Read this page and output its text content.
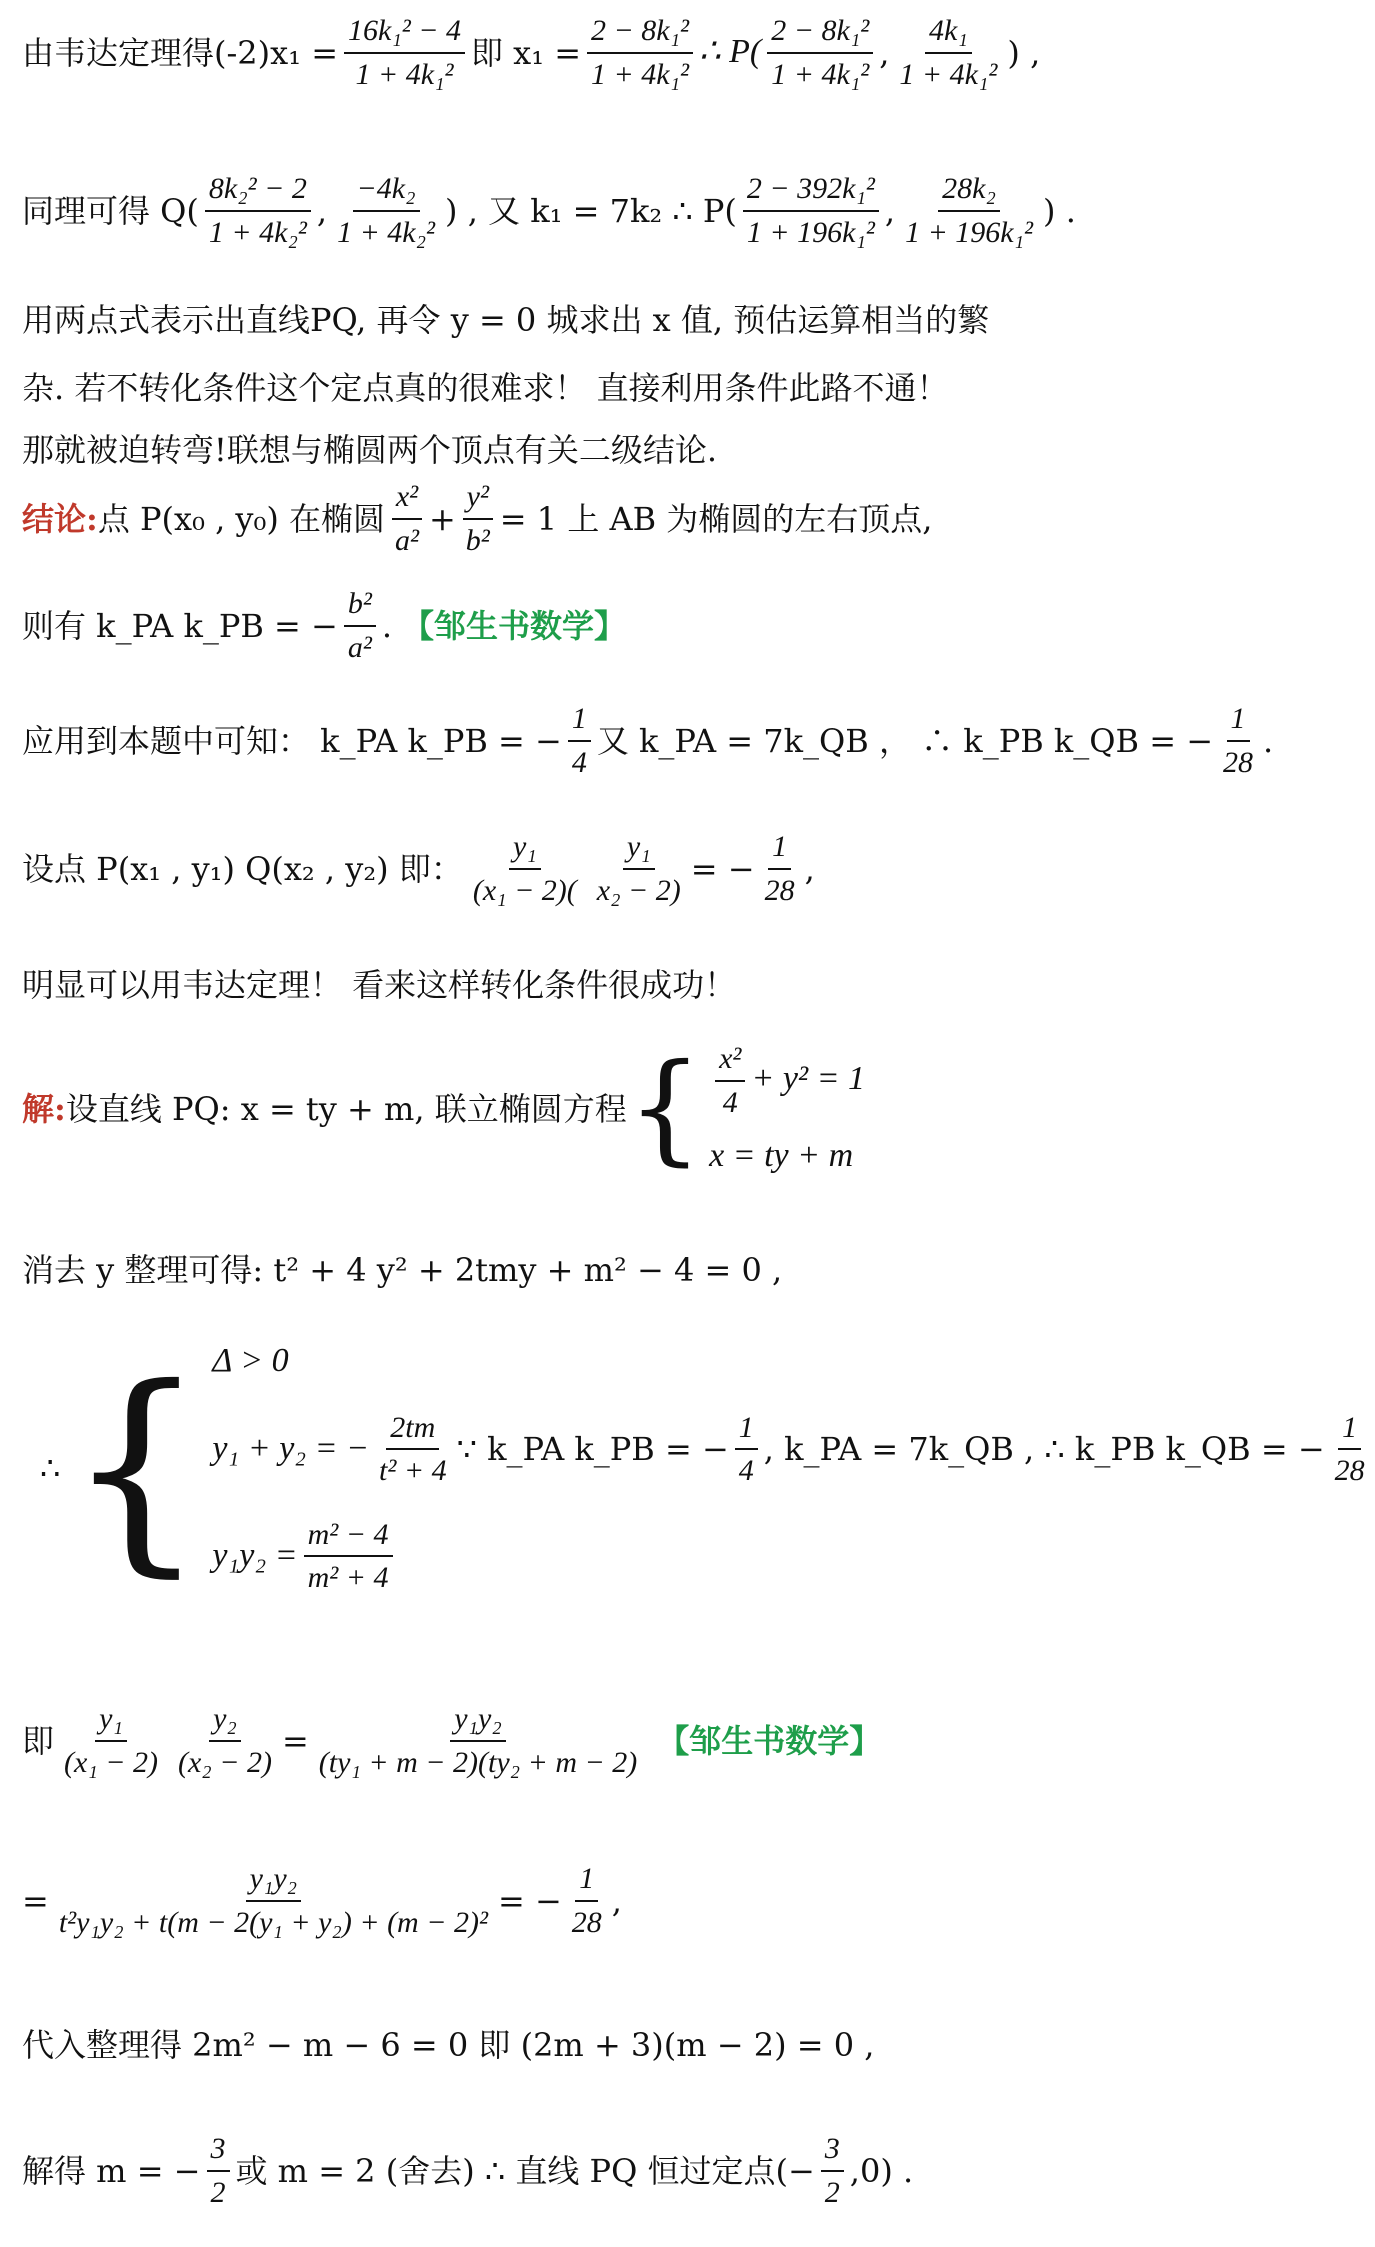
由韦达定理得$(-2)x_1 = \frac{\text{16k₁² − 4}}{\text{1 + 4k₁²}}$ 即 $x_1 = \frac{\text{2 − 8k₁²}}{\text{1 + 4k₁²}}$ ∴ $P( \frac{\text{2 − 8k₁²}}{\text{1 + 4k₁²}}$ , $\frac{\text{4k₁}}{\text{1 + 4k₁²}}$ ) ,
同理可得 $Q( \frac{\text{8k₂² − 2}}{\text{1 + 4k₂²}}$ , $\frac{\text{−4k₂}}{\text{1 + 4k₂²}}$ ) , 又 k₁ = 7k₂ ∴ $P( \frac{\text{2 − 392k₁²}}{\text{1 + 196k₁²}}$ , $\frac{\text{28k₂}}{\text{1 + 196k₁²}}$ ) .
用两点式表示出直线PQ, 再令 y = 0 城求出 x 值, 预估运算相当的繁
杂. 若不转化条件这个定点真的很难求！ 直接利用条件此路不通！
那就被迫转弯!联想与椭圆两个顶点有关二级结论.
结论: 点 P(x₀ , y₀) 在椭圆 $\frac{\text{x²}}{\text{a²}} + \frac{\text{y²}}{\text{b²}} = 1$ 上 AB 为椭圆的左右顶点,
则有 k_PA k_PB = − $\frac{\text{b²}}{\text{a²}}$ . 【邹生书数学】
应用到本题中可知： k_PA k_PB = − $\frac{1}{4}$ 又 k_PA = 7k_QB ， ∴ k_PB k_QB = − $\frac{1}{28}$ .
设点 P(x₁ , y₁) Q(x₂ , y₂) 即： $\frac{\text{y₁}}{\text{(x₁ − 2)(}} \frac{\text{y₁}}{\text{x₂ − 2)}}$ = − $\frac{1}{28}$ ,
明显可以用韦达定理！ 看来这样转化条件很成功！
解: 设直线 PQ: x = ty + m, 联立椭圆方程 { $\frac{\text{x²}}{4} + y^2 = 1$
x = ty + m
消去 y 整理可得: t² + 4 y² + 2tmy + m² − 4 = 0 ,
∴ { Δ > 0
y₁ + y₂ = − $\frac{2tm}{\text{t² + 4}}$ ∵ k_PA k_PB = − $\frac{1}{4}$ , k_PA = 7k_QB , ∴ k_PB k_QB = − $\frac{1}{28}$
$y_1y_2 = \frac{\text{m² − 4}}{\text{m² + 4}}$
即 $\frac{\text{y₁}}{\text{(x₁ − 2)}} \frac{\text{y₂}}{\text{(x₂ − 2)}} = \frac{\text{y₁y₂}}{\text{(ty₁ + m − 2)(ty₂ + m − 2)}}$ 【邹生书数学】
= $\frac{\text{y₁y₂}}{\text{t²y₁y₂ + t(m − 2(y₁ + y₂) + (m − 2)²}}$ = − $\frac{1}{28}$ ,
代入整理得 2m² − m − 6 = 0 即 (2m + 3)(m − 2) = 0 ,
解得 m = − $\frac{3}{2}$ 或 m = 2 (舍去) ∴ 直线 PQ 恒过定点(− $\frac{3}{2} ,0$) .
